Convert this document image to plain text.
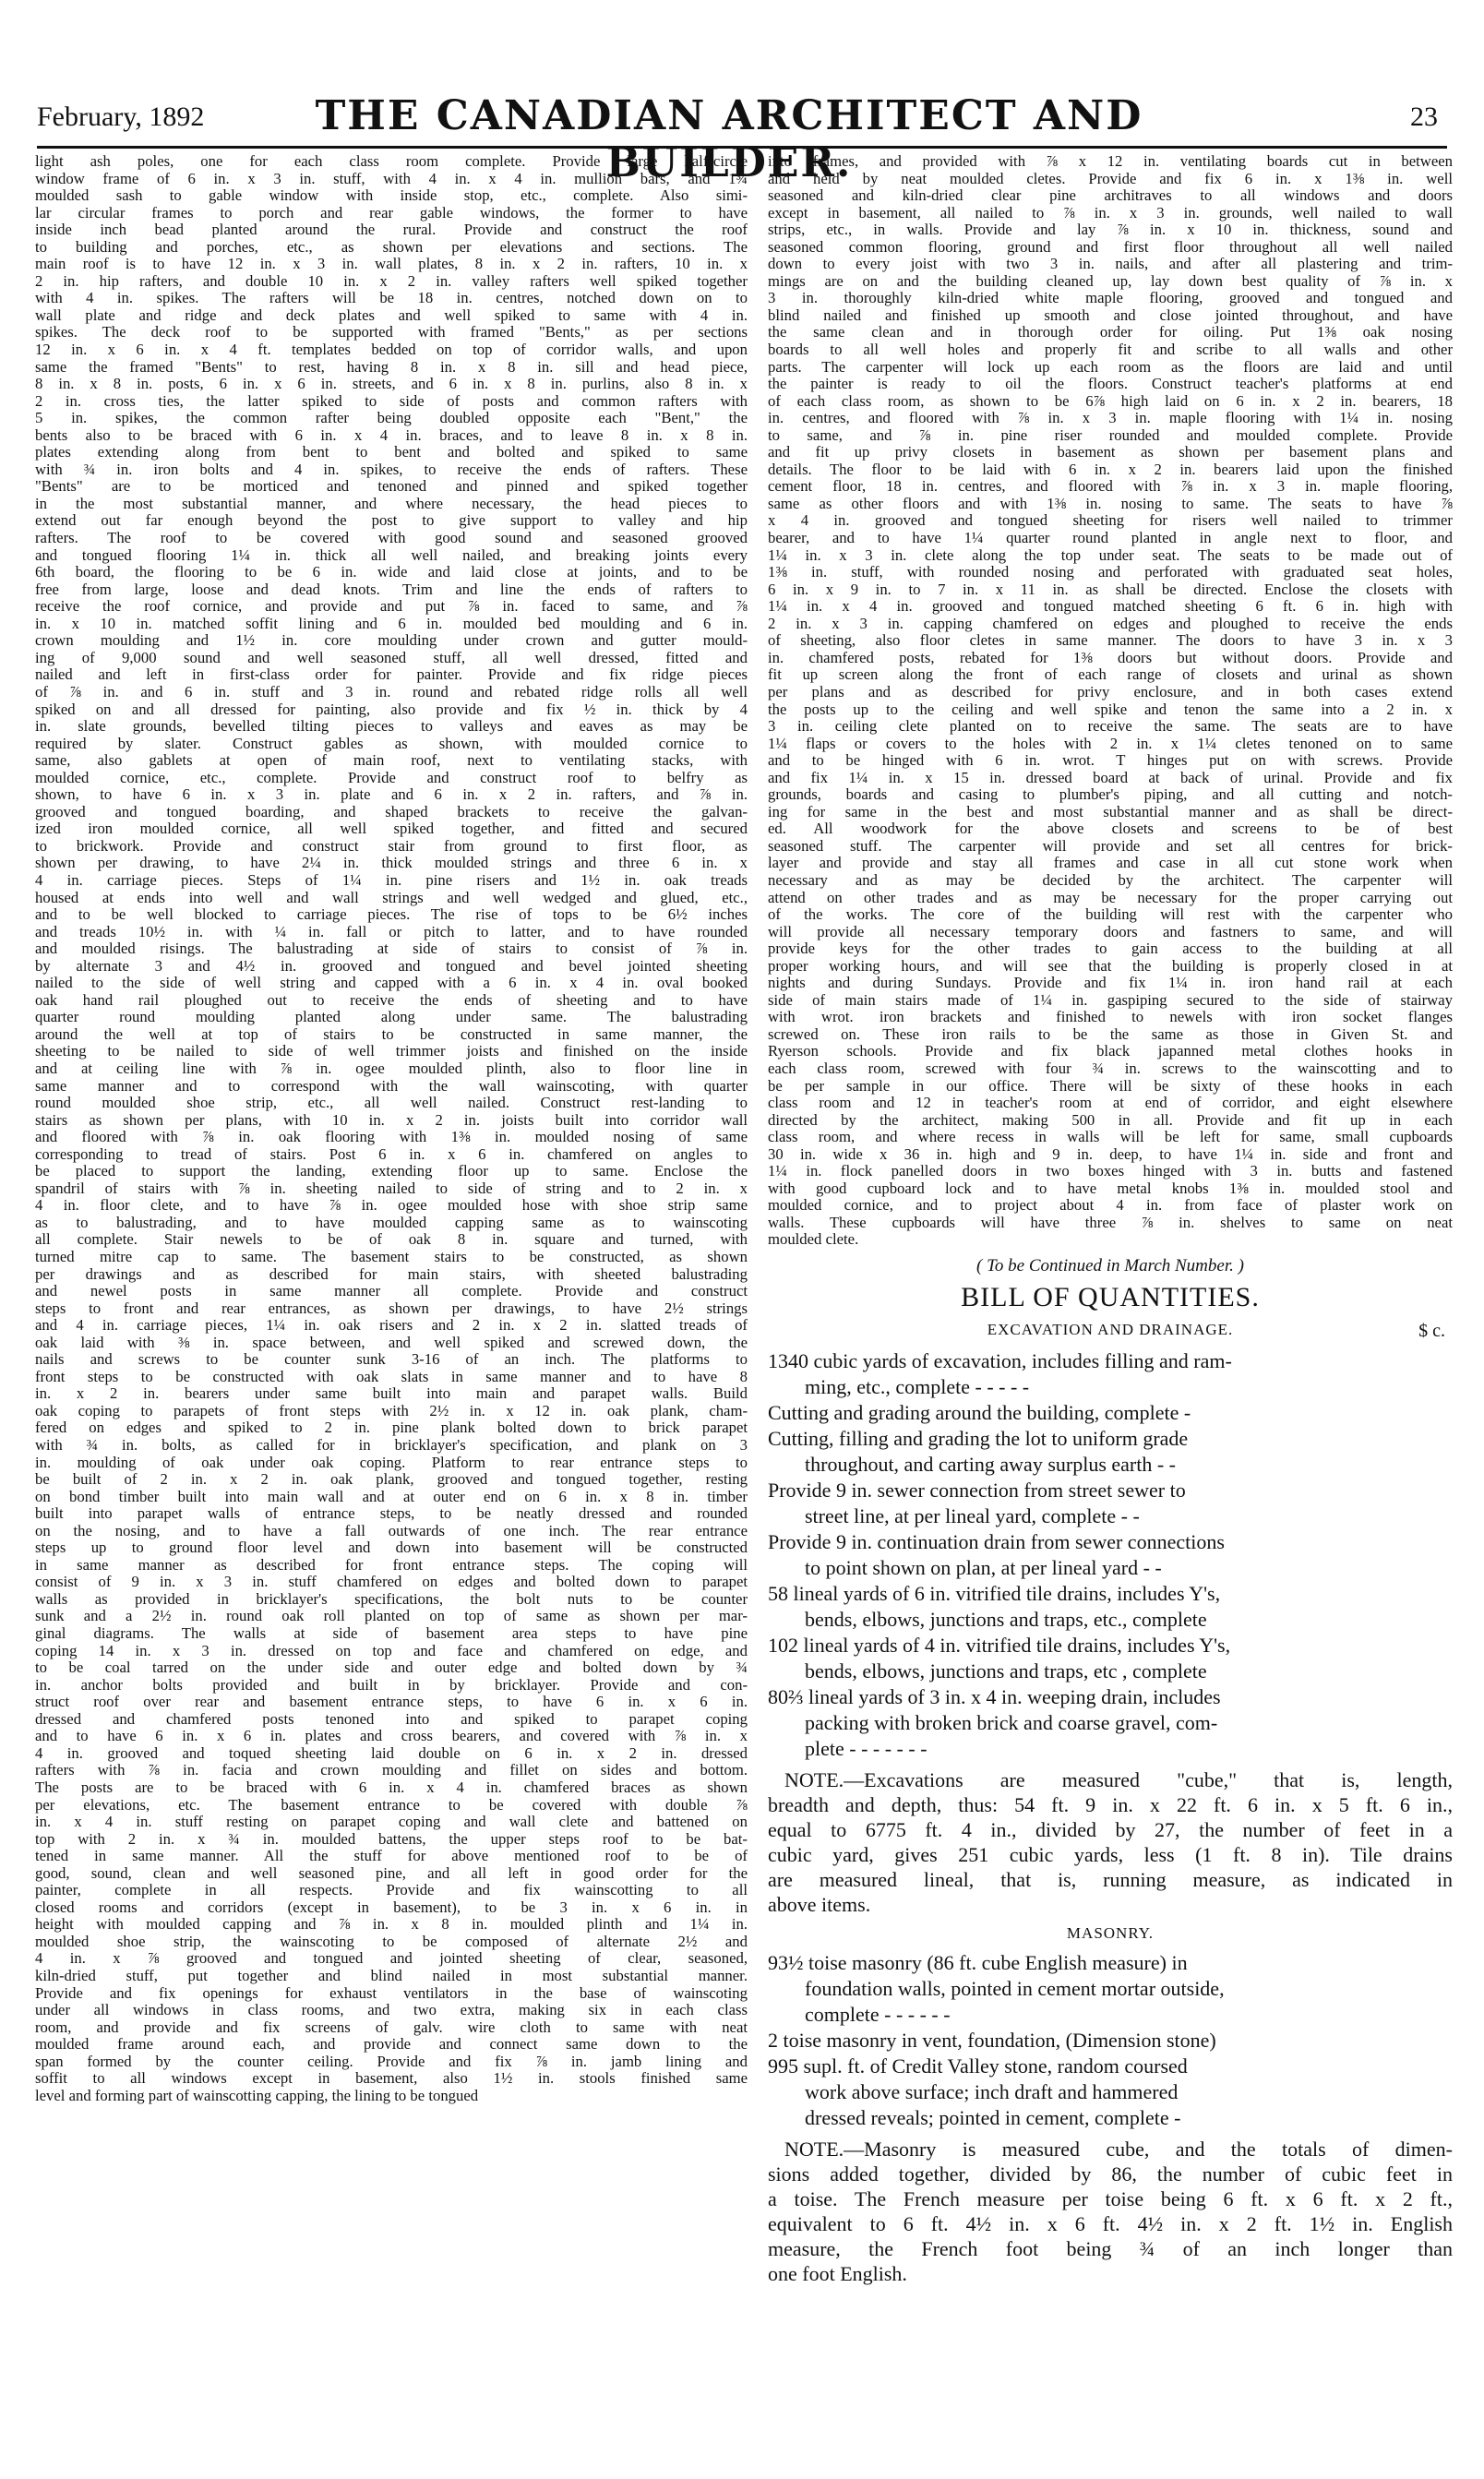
February, 1892	THE CANADIAN ARCHITECT AND BUILDER.
23

light ash poles, one for each class room complete. Provide large half-circle
window frame of 6 in. x 3 in. stuff, with 4 in. x 4 in. mullion bars, and 1¾
moulded sash to gable window with inside stop, etc., complete. Also simi-
lar circular frames to porch and rear gable windows, the former to have
inside inch bead planted around the rural. Provide and construct the roof
to building and porches, etc., as shown per elevations and sections. The
main roof is to have 12 in. x 3 in. wall plates, 8 in. x 2 in. rafters, 10 in. x
2 in. hip rafters, and double 10 in. x 2 in. valley rafters well spiked together
with 4 in. spikes. The rafters will be 18 in. centres, notched down on to
wall plate and ridge and deck plates and well spiked to same with 4 in.
spikes. The deck roof to be supported with framed "Bents," as per sections
12 in. x 6 in. x 4 ft. templates bedded on top of corridor walls, and upon
same the framed "Bents" to rest, having 8 in. x 8 in. sill and head piece,
8 in. x 8 in. posts, 6 in. x 6 in. streets, and 6 in. x 8 in. purlins, also 8 in. x
2 in. cross ties, the latter spiked to side of posts and common rafters with
5 in. spikes, the common rafter being doubled opposite each "Bent," the
bents also to be braced with 6 in. x 4 in. braces, and to leave 8 in. x 8 in.
plates extending along from bent to bent and bolted and spiked to same
with ¾ in. iron bolts and 4 in. spikes, to receive the ends of rafters. These
"Bents" are to be morticed and tenoned and pinned and spiked together
in the most substantial manner, and where necessary, the head pieces to
extend out far enough beyond the post to give support to valley and hip
rafters. The roof to be covered with good sound and seasoned grooved
and tongued flooring 1¼ in. thick all well nailed, and breaking joints every
6th board, the flooring to be 6 in. wide and laid close at joints, and to be
free from large, loose and dead knots. Trim and line the ends of rafters to
receive the roof cornice, and provide and put ⅞ in. faced to same, and ⅞
in. x 10 in. matched soffit lining and 6 in. moulded bed moulding and 6 in.
crown moulding and 1½ in. core moulding under crown and gutter mould-
ing of 9,000 sound and well seasoned stuff, all well dressed, fitted and
nailed and left in first-class order for painter. Provide and fix ridge pieces
of ⅞ in. and 6 in. stuff and 3 in. round and rebated ridge rolls all well
spiked on and all dressed for painting, also provide and fix ½ in. thick by 4
in. slate grounds, bevelled tilting pieces to valleys and eaves as may be
required by slater. Construct gables as shown, with moulded cornice to
same, also gablets at open of main roof, next to ventilating stacks, with
moulded cornice, etc., complete. Provide and construct roof to belfry as
shown, to have 6 in. x 3 in. plate and 6 in. x 2 in. rafters, and ⅞ in.
grooved and tongued boarding, and shaped brackets to receive the galvan-
ized iron moulded cornice, all well spiked together, and fitted and secured
to brickwork. Provide and construct stair from ground to first floor, as
shown per drawing, to have 2¼ in. thick moulded strings and three 6 in. x
4 in. carriage pieces. Steps of 1¼ in. pine risers and 1½ in. oak treads
housed at ends into well and wall strings and well wedged and glued, etc.,
and to be well blocked to carriage pieces. The rise of tops to be 6½ inches
and treads 10½ in. with ¼ in. fall or pitch to latter, and to have rounded
and moulded risings. The balustrading at side of stairs to consist of ⅞ in.
by alternate 3 and 4½ in. grooved and tongued and bevel jointed sheeting
nailed to the side of well string and capped with a 6 in. x 4 in. oval booked
oak hand rail ploughed out to receive the ends of sheeting and to have
quarter round moulding planted along under same. The balustrading
around the well at top of stairs to be constructed in same manner, the
sheeting to be nailed to side of well trimmer joists and finished on the inside
and at ceiling line with ⅞ in. ogee moulded plinth, also to floor line in
same manner and to correspond with the wall wainscoting, with quarter
round moulded shoe strip, etc., all well nailed. Construct rest-landing to
stairs as shown per plans, with 10 in. x 2 in. joists built into corridor wall
and floored with ⅞ in. oak flooring with 1⅜ in. moulded nosing of same
corresponding to tread of stairs. Post 6 in. x 6 in. chamfered on angles to
be placed to support the landing, extending floor up to same. Enclose the
spandril of stairs with ⅞ in. sheeting nailed to side of string and to 2 in. x
4 in. floor clete, and to have ⅞ in. ogee moulded hose with shoe strip same
as to balustrading, and to have moulded capping same as to wainscoting
all complete. Stair newels to be of oak 8 in. square and turned, with
turned mitre cap to same. The basement stairs to be constructed, as shown
per drawings and as described for main stairs, with sheeted balustrading
and newel posts in same manner all complete. Provide and construct
steps to front and rear entrances, as shown per drawings, to have 2½ strings
and 4 in. carriage pieces, 1¼ in. oak risers and 2 in. x 2 in. slatted treads of
oak laid with ⅜ in. space between, and well spiked and screwed down, the
nails and screws to be counter sunk 3-16 of an inch. The platforms to
front steps to be constructed with oak slats in same manner and to have 8
in. x 2 in. bearers under same built into main and parapet walls. Build
oak coping to parapets of front steps with 2½ in. x 12 in. oak plank, cham-
fered on edges and spiked to 2 in. pine plank bolted down to brick parapet
with ¾ in. bolts, as called for in bricklayer's specification, and plank on 3
in. moulding of oak under oak coping. Platform to rear entrance steps to
be built of 2 in. x 2 in. oak plank, grooved and tongued together, resting
on bond timber built into main wall and at outer end on 6 in. x 8 in. timber
built into parapet walls of entrance steps, to be neatly dressed and rounded
on the nosing, and to have a fall outwards of one inch. The rear entrance
steps up to ground floor level and down into basement will be constructed
in same manner as described for front entrance steps. The coping will
consist of 9 in. x 3 in. stuff chamfered on edges and bolted down to parapet
walls as provided in bricklayer's specifications, the bolt nuts to be counter
sunk and a 2½ in. round oak roll planted on top of same as shown per mar-
ginal diagrams. The walls at side of basement area steps to have pine
coping 14 in. x 3 in. dressed on top and face and chamfered on edge, and
to be coal tarred on the under side and outer edge and bolted down by ¾
in. anchor bolts provided and built in by bricklayer. Provide and con-
struct roof over rear and basement entrance steps, to have 6 in. x 6 in.
dressed and chamfered posts tenoned into and spiked to parapet coping
and to have 6 in. x 6 in. plates and cross bearers, and covered with ⅞ in. x
4 in. grooved and toqued sheeting laid double on 6 in. x 2 in. dressed
rafters with ⅞ in. facia and crown moulding and fillet on sides and bottom.
The posts are to be braced with 6 in. x 4 in. chamfered braces as shown
per elevations, etc. The basement entrance to be covered with double ⅞
in. x 4 in. stuff resting on parapet coping and wall clete and battened on
top with 2 in. x ¾ in. moulded battens, the upper steps roof to be bat-
tened in same manner. All the stuff for above mentioned roof to be of
good, sound, clean and well seasoned pine, and all left in good order for the
painter, complete in all respects. Provide and fix wainscotting to all
closed rooms and corridors (except in basement), to be 3 in. x 6 in. in
height with moulded capping and ⅞ in. x 8 in. moulded plinth and 1¼ in.
moulded shoe strip, the wainscoting to be composed of alternate 2½ and
4 in. x ⅞ grooved and tongued and jointed sheeting of clear, seasoned,
kiln-dried stuff, put together and blind nailed in most substantial manner.
Provide and fix openings for exhaust ventilators in the base of wainscoting
under all windows in class rooms, and two extra, making six in each class
room, and provide and fix screens of galv. wire cloth to same with neat
moulded frame around each, and provide and connect same down to the
span formed by the counter ceiling. Provide and fix ⅞ in. jamb lining and
soffit to all windows except in basement, also 1½ in. stools finished same
level and forming part of wainscotting capping, the lining to be tongued

into frames, and provided with ⅞ x 12 in. ventilating boards cut in between
and held by neat moulded cletes. Provide and fix 6 in. x 1⅜ in. well
seasoned and kiln-dried clear pine architraves to all windows and doors
except in basement, all nailed to ⅞ in. x 3 in. grounds, well nailed to wall
strips, etc., in walls. Provide and lay ⅞ in. x 10 in. thickness, sound and
seasoned common flooring, ground and first floor throughout all well nailed
down to every joist with two 3 in. nails, and after all plastering and trim-
mings are on and the building cleaned up, lay down best quality of ⅞ in. x
3 in. thoroughly kiln-dried white maple flooring, grooved and tongued and
blind nailed and finished up smooth and close jointed throughout, and have
the same clean and in thorough order for oiling. Put 1⅜ oak nosing
boards to all well holes and properly fit and scribe to all walls and other
parts. The carpenter will lock up each room as the floors are laid and until
the painter is ready to oil the floors. Construct teacher's platforms at end
of each class room, as shown to be 6⅞ high laid on 6 in. x 2 in. bearers, 18
in. centres, and floored with ⅞ in. x 3 in. maple flooring with 1¼ in. nosing
to same, and ⅞ in. pine riser rounded and moulded complete. Provide
and fit up privy closets in basement as shown per basement plans and
details. The floor to be laid with 6 in. x 2 in. bearers laid upon the finished
cement floor, 18 in. centres, and floored with ⅞ in. x 3 in. maple flooring,
same as other floors and with 1⅜ in. nosing to same. The seats to have ⅞
x 4 in. grooved and tongued sheeting for risers well nailed to trimmer
bearer, and to have 1¼ quarter round planted in angle next to floor, and
1¼ in. x 3 in. clete along the top under seat. The seats to be made out of
1⅜ in. stuff, with rounded nosing and perforated with graduated seat holes,
6 in. x 9 in. to 7 in. x 11 in. as shall be directed. Enclose the closets with
1¼ in. x 4 in. grooved and tongued matched sheeting 6 ft. 6 in. high with
2 in. x 3 in. capping chamfered on edges and ploughed to receive the ends
of sheeting, also floor cletes in same manner. The doors to have 3 in. x 3
in. chamfered posts, rebated for 1⅜ doors but without doors. Provide and
fit up screen along the front of each range of closets and urinal as shown
per plans and as described for privy enclosure, and in both cases extend
the posts up to the ceiling and well spike and tenon the same into a 2 in. x
3 in. ceiling clete planted on to receive the same. The seats are to have
1¼ flaps or covers to the holes with 2 in. x 1¼ cletes tenoned on to same
and to be hinged with 6 in. wrot. T hinges put on with screws. Provide
and fix 1¼ in. x 15 in. dressed board at back of urinal. Provide and fix
grounds, boards and casing to plumber's piping, and all cutting and notch-
ing for same in the best and most substantial manner and as shall be direct-
ed. All woodwork for the above closets and screens to be of best
seasoned stuff. The carpenter will provide and set all centres for brick-
layer and provide and stay all frames and case in all cut stone work when
necessary and as may be decided by the architect. The carpenter will
attend on other trades and as may be necessary for the proper carrying out
of the works. The core of the building will rest with the carpenter who
will provide all necessary temporary doors and fastners to same, and will
provide keys for the other trades to gain access to the building at all
proper working hours, and will see that the building is properly closed in at
nights and during Sundays. Provide and fix 1¼ in. iron hand rail at each
side of main stairs made of 1¼ in. gaspiping secured to the side of stairway
with wrot. iron brackets and finished to newels with iron socket flanges
screwed on. These iron rails to be the same as those in Given St. and
Ryerson schools. Provide and fix black japanned metal clothes hooks in
each class room, screwed with four ¾ in. screws to the wainscotting and to
be per sample in our office. There will be sixty of these hooks in each
class room and 12 in teacher's room at end of corridor, and eight elsewhere
directed by the architect, making 500 in all. Provide and fit up in each
class room, and where recess in walls will be left for same, small cupboards
30 in. wide x 36 in. high and 9 in. deep, to have 1¼ in. side and front and
1¼ in. flock panelled doors in two boxes hinged with 3 in. butts and fastened
with good cupboard lock and to have metal knobs 1⅜ in. moulded stool and
moulded cornice, and to project about 4 in. from face of plaster work on
walls. These cupboards will have three ⅞ in. shelves to same on neat
moulded clete.

( To be Continued in March Number. )
BILL OF QUANTITIES.
EXCAVATION AND DRAINAGE.	$ c.
1340 cubic yards of excavation, includes filling and ram-
ming, etc., complete - - - - -
Cutting and grading around the building, complete -
Cutting, filling and grading the lot to uniform grade
throughout, and carting away surplus earth - -
Provide 9 in. sewer connection from street sewer to
street line, at per lineal yard, complete - -
Provide 9 in. continuation drain from sewer connections
to point shown on plan, at per lineal yard - -
58 lineal yards of 6 in. vitrified tile drains, includes Y's,
bends, elbows, junctions and traps, etc., complete
102 lineal yards of 4 in. vitrified tile drains, includes Y's,
bends, elbows, junctions and traps, etc , complete
80⅔ lineal yards of 3 in. x 4 in. weeping drain, includes
packing with broken brick and coarse gravel, com-
plete - - - - - - -
NOTE.—Excavations are measured "cube," that is, length,
breadth and depth, thus: 54 ft. 9 in. x 22 ft. 6 in. x 5 ft. 6 in.,
equal to 6775 ft. 4 in., divided by 27, the number of feet in a
cubic yard, gives 251 cubic yards, less (1 ft. 8 in). Tile drains
are measured lineal, that is, running measure, as indicated in
above items.
MASONRY.
93½ toise masonry (86 ft. cube English measure) in
foundation walls, pointed in cement mortar outside,
complete - - - - - -
2 toise masonry in vent, foundation, (Dimension stone)
995 supl. ft. of Credit Valley stone, random coursed
work above surface; inch draft and hammered
dressed reveals; pointed in cement, complete -
NOTE.—Masonry is measured cube, and the totals of dimen-
sions added together, divided by 86, the number of cubic feet in
a toise. The French measure per toise being 6 ft. x 6 ft. x 2 ft.,
equivalent to 6 ft. 4½ in. x 6 ft. 4½ in. x 2 ft. 1½ in. English
measure, the French foot being ¾ of an inch longer than
one foot English.
